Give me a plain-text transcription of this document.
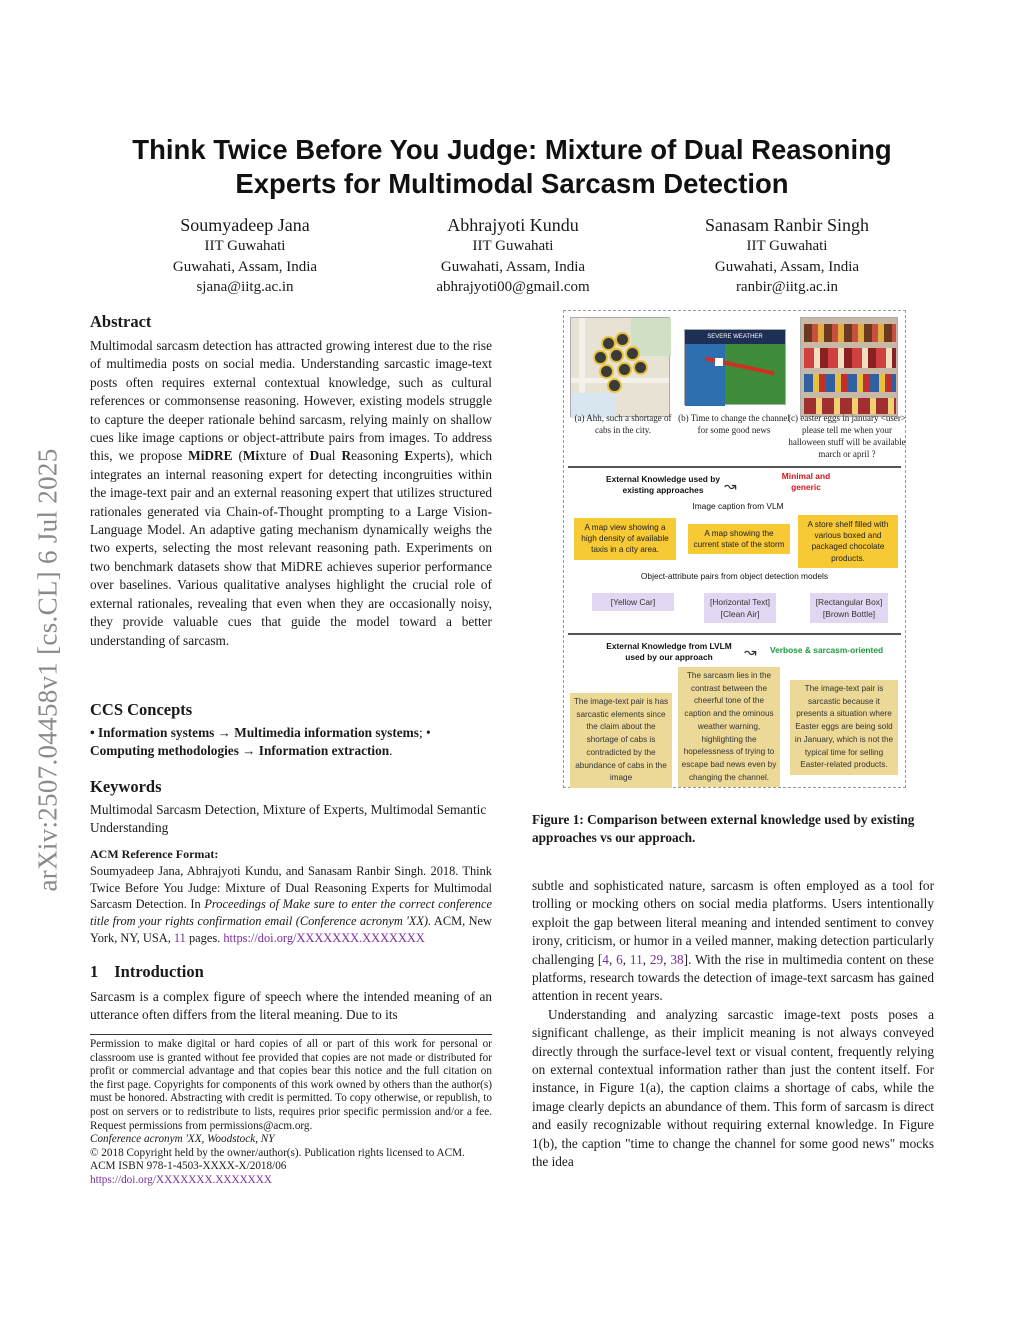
arXiv:2507.04458v1 [cs.CL] 6 Jul 2025
Think Twice Before You Judge: Mixture of Dual Reasoning
Experts for Multimodal Sarcasm Detection
Soumyadeep Jana
IIT Guwahati
Guwahati, Assam, India
sjana@iitg.ac.in
Abhrajyoti Kundu
IIT Guwahati
Guwahati, Assam, India
abhrajyoti00@gmail.com
Sanasam Ranbir Singh
IIT Guwahati
Guwahati, Assam, India
ranbir@iitg.ac.in
Abstract

Multimodal sarcasm detection has attracted growing interest due to the rise of multimedia posts on social media. Understanding sarcastic image-text posts often requires external contextual knowledge, such as cultural references or commonsense reasoning. However, existing models struggle to capture the deeper rationale behind sarcasm, relying mainly on shallow cues like image captions or object-attribute pairs from images. To address this, we propose MiDRE (Mixture of Dual Reasoning Experts), which integrates an internal reasoning expert for detecting incongruities within the image-text pair and an external reasoning expert that utilizes structured rationales generated via Chain-of-Thought prompting to a Large Vision-Language Model. An adaptive gating mechanism dynamically weighs the two experts, selecting the most relevant reasoning path. Experiments on two benchmark datasets show that MiDRE achieves superior performance over baselines. Various qualitative analyses highlight the crucial role of external rationales, revealing that even when they are occasionally noisy, they provide valuable cues that guide the model toward a better understanding of sarcasm.

CCS Concepts

• Information systems → Multimedia information systems; •
Computing methodologies → Information extraction.

Keywords

Multimodal Sarcasm Detection, Mixture of Experts, Multimodal Semantic Understanding

ACM Reference Format:

Soumyadeep Jana, Abhrajyoti Kundu, and Sanasam Ranbir Singh. 2018. Think Twice Before You Judge: Mixture of Dual Reasoning Experts for Multimodal Sarcasm Detection. In Proceedings of Make sure to enter the correct conference title from your rights confirmation email (Conference acronym 'XX). ACM, New York, NY, USA, 11 pages. https://doi.org/XXXXXXX.XXXXXXX

1 Introduction

Sarcasm is a complex figure of speech where the intended meaning of an utterance often differs from the literal meaning. Due to its

Permission to make digital or hard copies of all or part of this work for personal or classroom use is granted without fee provided that copies are not made or distributed for profit or commercial advantage and that copies bear this notice and the full citation on the first page. Copyrights for components of this work owned by others than the author(s) must be honored. Abstracting with credit is permitted. To copy otherwise, or republish, to post on servers or to redistribute to lists, requires prior specific permission and/or a fee. Request permissions from permissions@acm.org.

Conference acronym 'XX, Woodstock, NY

© 2018 Copyright held by the owner/author(s). Publication rights licensed to ACM.

ACM ISBN 978-1-4503-XXXX-X/2018/06

https://doi.org/XXXXXXX.XXXXXXX

(a) Ahh, such a shortage of cabs in the city.
SEVERE WEATHER
(b) Time to change the channel for some good news
(c) easter eggs in january <user> please tell me when your halloween stuff will be available march or april ?
External Knowledge used by existing approaches	↝
Minimal and generic
Image caption from VLM
A map view showing a high density of available taxis in a city area.
A map showing the current state of the storm
A store shelf filled with various boxed and packaged chocolate products.
Object-attribute pairs from object detection models
[Yellow Car]	[Horizontal Text]
[Clean Air]
[Rectangular Box]
[Brown Bottle]
External Knowledge from LVLM used by our approach	↝ Verbose & sarcasm-oriented
The image-text pair is has sarcastic elements since the claim about the shortage of cabs is contradicted by the abundance of cabs in the image
The sarcasm lies in the contrast between the cheerful tone of the caption and the ominous weather warning, highlighting the hopelessness of trying to escape bad news even by changing the channel.
The image-text pair is sarcastic because it presents a situation where Easter eggs are being sold in January, which is not the typical time for selling Easter-related products.
Figure 1: Comparison between external knowledge used by existing approaches vs our approach.

subtle and sophisticated nature, sarcasm is often employed as a tool for trolling or mocking others on social media platforms. Users intentionally exploit the gap between literal meaning and intended sentiment to convey irony, criticism, or humor in a veiled manner, making detection particularly challenging [4, 6, 11, 29, 38]. With the rise in multimedia content on these platforms, research towards the detection of image-text sarcasm has gained attention in recent years.

Understanding and analyzing sarcastic image-text posts poses a significant challenge, as their implicit meaning is not always conveyed directly through the surface-level text or visual content, frequently relying on external contextual information rather than just the content itself. For instance, in Figure 1(a), the caption claims a shortage of cabs, while the image clearly depicts an abundance of them. This form of sarcasm is direct and easily recognizable without requiring external knowledge. In Figure 1(b), the caption "time to change the channel for some good news" mocks the idea
